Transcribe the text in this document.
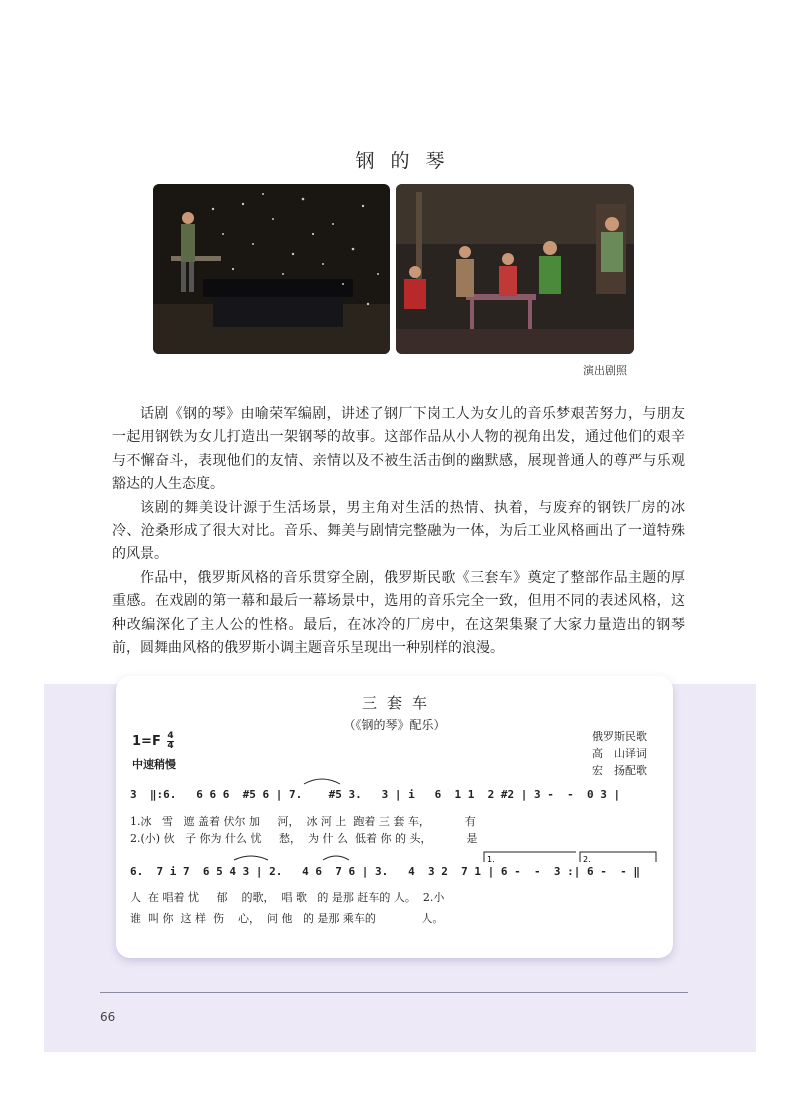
钢的琴
演出剧照

话剧《钢的琴》由喻荣军编剧，讲述了钢厂下岗工人为女儿的音乐梦艰苦努力，与朋友一起用钢铁为女儿打造出一架钢琴的故事。这部作品从小人物的视角出发，通过他们的艰辛与不懈奋斗，表现他们的友情、亲情以及不被生活击倒的幽默感，展现普通人的尊严与乐观豁达的人生态度。

该剧的舞美设计源于生活场景，男主角对生活的热情、执着，与废弃的钢铁厂房的冰冷、沧桑形成了很大对比。音乐、舞美与剧情完整融为一体，为后工业风格画出了一道特殊的风景。

作品中，俄罗斯风格的音乐贯穿全剧，俄罗斯民歌《三套车》奠定了整部作品主题的厚重感。在戏剧的第一幕和最后一幕场景中，选用的音乐完全一致，但用不同的表述风格，这种改编深化了主人公的性格。最后，在冰冷的厂房中，在这架集聚了大家力量造出的钢琴前，圆舞曲风格的俄罗斯小调主题音乐呈现出一种别样的浪漫。

三套车
（《钢的琴》配乐）
$1=F \frac{4}{4}$
中速稍慢
俄罗斯民歌
高　山译词
宏　扬配歌
3  ‖:6.   6 6 6  #5 6 | 7.    #5 3.   3 | i   6  1 1  2 #2 | 3 -  -  0 3 |
1.冰   雪   遮 盖着 伏尔 加     河，  冰 河 上  跑着 三 套 车，          有
2.(小) 伙   子 你为 什么 忧     愁，  为 什 么  低着 你 的 头，          是
6.  7 i 7  6 5 4 3 | 2.   4 6  7 6 | 3.   4  3 2  7 1 | 6 -  -  3 :| 6 -  - ‖
人  在 唱着 忧     郁    的歌，  唱 歌   的 是那 赶车的 人。  2.小
谁  叫 你  这 样  伤    心，  问 他   的 是那 乘车的             人。
1.	2.
66
